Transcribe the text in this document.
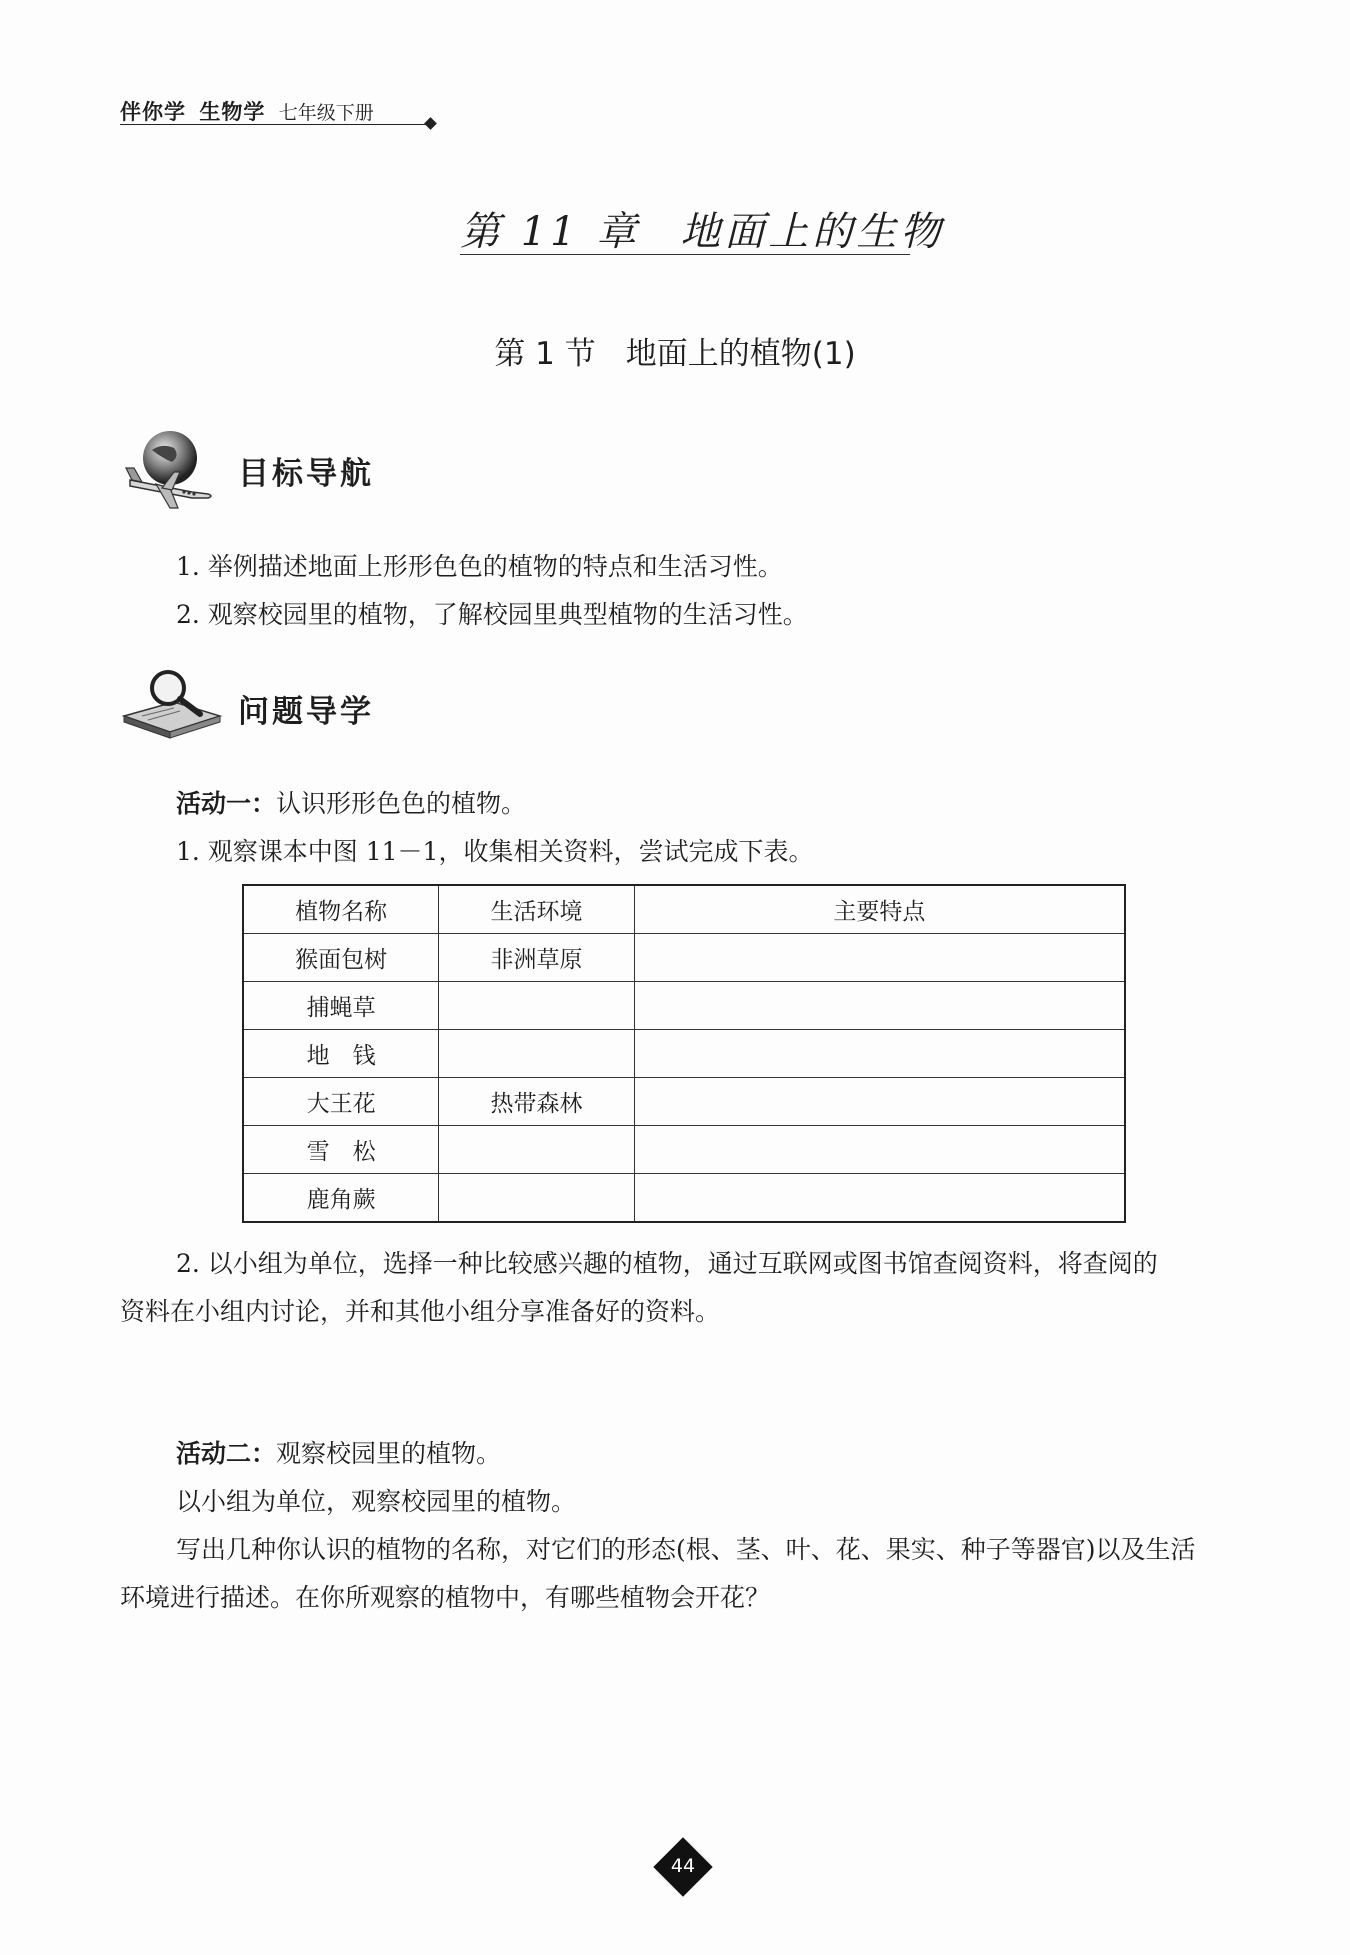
伴你学 生物学 七年级下册
第 11 章 地面上的生物
第 1 节 地面上的植物(1)
目标导航
1. 举例描述地面上形形色色的植物的特点和生活习性。
2. 观察校园里的植物，了解校园里典型植物的生活习性。
问题导学
活动一：认识形形色色的植物。
1. 观察课本中图 11－1，收集相关资料，尝试完成下表。
植物名称	生活环境	主要特点
猴面包树	非洲草原	
捕蝇草		
地　钱		
大王花	热带森林	
雪　松		
鹿角蕨		
2. 以小组为单位，选择一种比较感兴趣的植物，通过互联网或图书馆查阅资料，将查阅的
资料在小组内讨论，并和其他小组分享准备好的资料。
活动二：观察校园里的植物。
以小组为单位，观察校园里的植物。
写出几种你认识的植物的名称，对它们的形态(根、茎、叶、花、果实、种子等器官)以及生活
环境进行描述。在你所观察的植物中，有哪些植物会开花？
44
